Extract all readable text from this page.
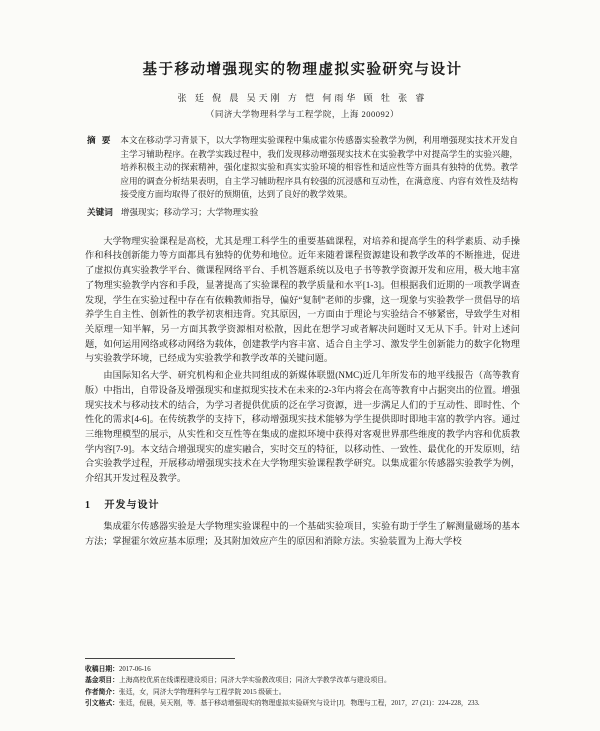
基于移动增强现实的物理虚拟实验研究与设计
张 廷 倪 晨 吴天刚 方 恺 何雨华 顾 牡 张 睿
（同济大学物理科学与工程学院，上海 200092）
摘 要 本文在移动学习背景下，以大学物理实验课程中集成霍尔传感器实验教学为例，利用增强现实技术开发自主学习辅助程序。在教学实践过程中，我们发现移动增强现实技术在实验教学中对提高学生的实验兴趣，培养积极主动的探索精神，强化虚拟实验和真实实验环境的相容性和适应性等方面具有独特的优势。教学应用的调查分析结果表明，自主学习辅助程序具有较强的沉浸感和互动性，在满意度、内容有效性及结构接受度方面均取得了很好的预期值，达到了良好的教学效果。
关键词 增强现实；移动学习；大学物理实验

大学物理实验课程是高校，尤其是理工科学生的重要基础课程，对培养和提高学生的科学素质、动手操作和科技创新能力等方面都具有独特的优势和地位。近年来随着课程资源建设和教学改革的不断推进，促进了虚拟仿真实验教学平台、微课程网络平台、手机答题系统以及电子书等教学资源开发和应用，极大地丰富了物理实验教学内容和手段，显著提高了实验课程的教学质量和水平[1-3]。但根据我们近期的一项教学调查发现，学生在实验过程中存在有依赖教师指导，偏好“复制”老师的步骤，这一现象与实验教学一贯倡导的培养学生自主性、创新性的教学初衷相违背。究其原因，一方面由于理论与实验结合不够紧密，导致学生对相关原理一知半解，另一方面其教学资源相对松散，因此在想学习或者解决问题时又无从下手。针对上述问题，如何运用网络或移动网络为载体，创建教学内容丰富、适合自主学习、激发学生创新能力的数字化物理与实验教学环境，已经成为实验教学和教学改革的关键问题。

由国际知名大学、研究机构和企业共同组成的新媒体联盟(NMC)近几年所发布的地平线报告（高等教育版）中指出，自带设备及增强现实和虚拟现实技术在未来的2-3年内将会在高等教育中占据突出的位置。增强现实技术与移动技术的结合，为学习者提供优质的泛在学习资源，进一步满足人们的于互动性、即时性、个性化的需求[4-6]。在传统教学的支持下，移动增强现实技术能够为学生提供即时即地丰富的教学内容。通过三维物理模型的展示，从实性和交互性等在集成的虚拟环境中获得对客观世界那些维度的教学内容和优质教学内容[7-9]。本文结合增强现实的虚实融合，实时交互的特征，以移动性、一致性、最优化的开发原则，结合实验教学过程，开展移动增强现实技术在大学物理实验课程教学研究。以集成霍尔传感器实验教学为例，介绍其开发过程及教学。

1 开发与设计

集成霍尔传感器实验是大学物理实验课程中的一个基础实验项目，实验有助于学生了解测量磁场的基本方法；掌握霍尔效应基本原理；及其附加效应产生的原因和消除方法。实验装置为上海大学校

收稿日期：2017-06-16
基金项目：上海高校优质在线课程建设项目；同济大学实验教改项目；同济大学教学改革与建设项目。
作者简介：张廷，女，同济大学物理科学与工程学院 2015 级硕士。
引文格式：张廷，倪晨，吴天刚，等．基于移动增强现实的物理虚拟实验研究与设计[J]．物理与工程，2017，27 (21)：224-228，233.
